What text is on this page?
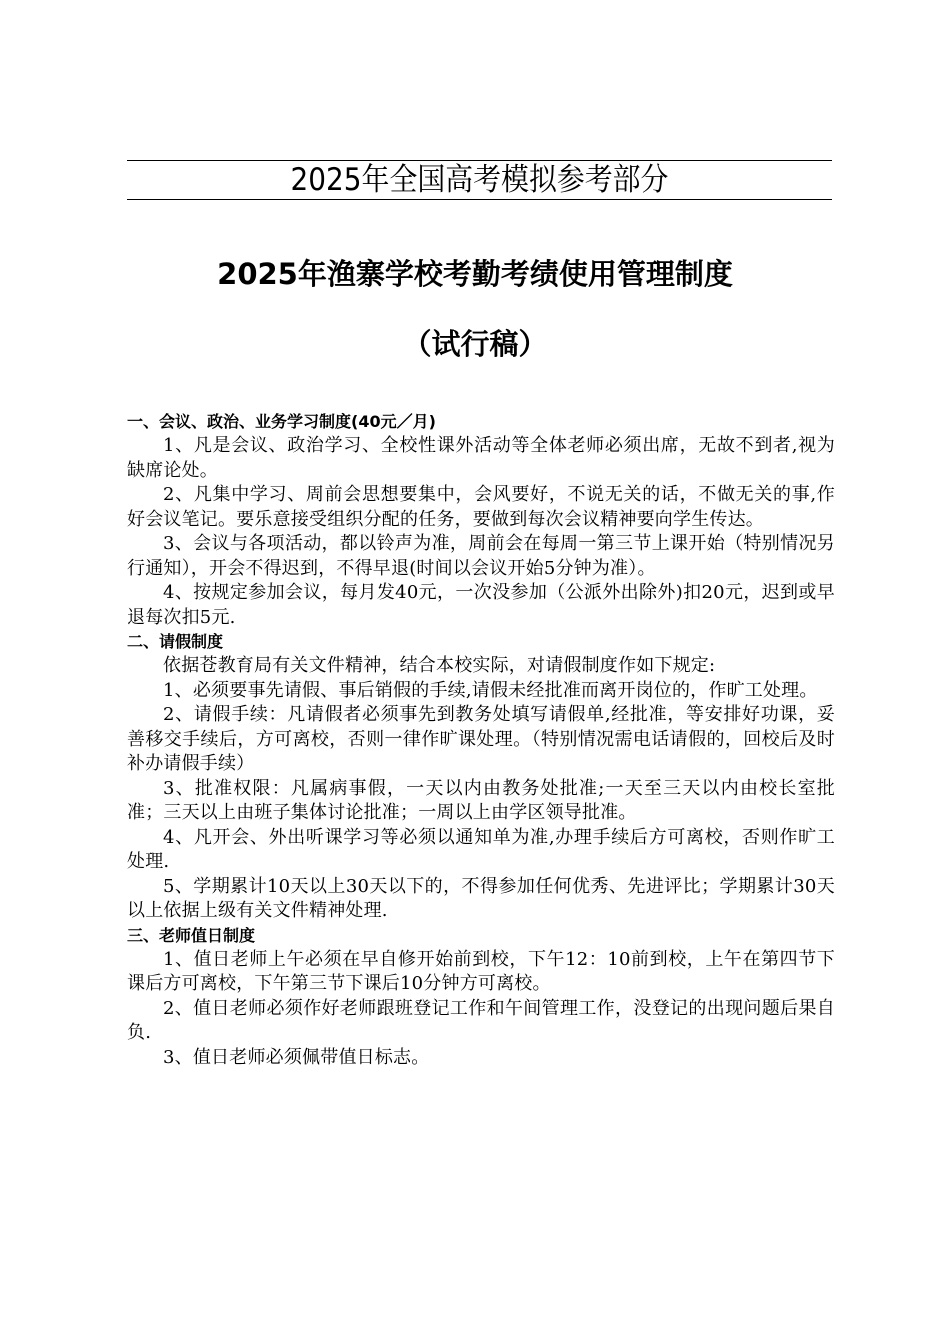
2025年全国高考模拟参考部分
2025年渔寨学校考勤考绩使用管理制度
（试行稿）

一、会议、政治、业务学习制度(40元／月)

1、凡是会议、政治学习、全校性课外活动等全体老师必须出席，无故不到者,视为缺席论处。

2、凡集中学习、周前会思想要集中，会风要好，不说无关的话，不做无关的事,作好会议笔记。要乐意接受组织分配的任务，要做到每次会议精神要向学生传达。

3、会议与各项活动，都以铃声为准，周前会在每周一第三节上课开始（特别情况另行通知），开会不得迟到，不得早退(时间以会议开始5分钟为准）。

4、按规定参加会议，每月发40元，一次没参加（公派外出除外)扣20元，迟到或早退每次扣5元.

二、请假制度

依据苍教育局有关文件精神，结合本校实际，对请假制度作如下规定:

1、必须要事先请假、事后销假的手续,请假未经批准而离开岗位的，作旷工处理。

2、请假手续：凡请假者必须事先到教务处填写请假单,经批准，等安排好功课，妥善移交手续后，方可离校，否则一律作旷课处理。（特别情况需电话请假的，回校后及时补办请假手续）

3、批准权限：凡属病事假，一天以内由教务处批准;一天至三天以内由校长室批准；三天以上由班子集体讨论批准；一周以上由学区领导批准。

4、凡开会、外出听课学习等必须以通知单为准,办理手续后方可离校，否则作旷工处理.

5、学期累计10天以上30天以下的，不得参加任何优秀、先进评比；学期累计30天以上依据上级有关文件精神处理.

三、老师值日制度

1、值日老师上午必须在早自修开始前到校，下午12：10前到校，上午在第四节下课后方可离校，下午第三节下课后10分钟方可离校。

2、值日老师必须作好老师跟班登记工作和午间管理工作，没登记的出现问题后果自负.

3、值日老师必须佩带值日标志。
